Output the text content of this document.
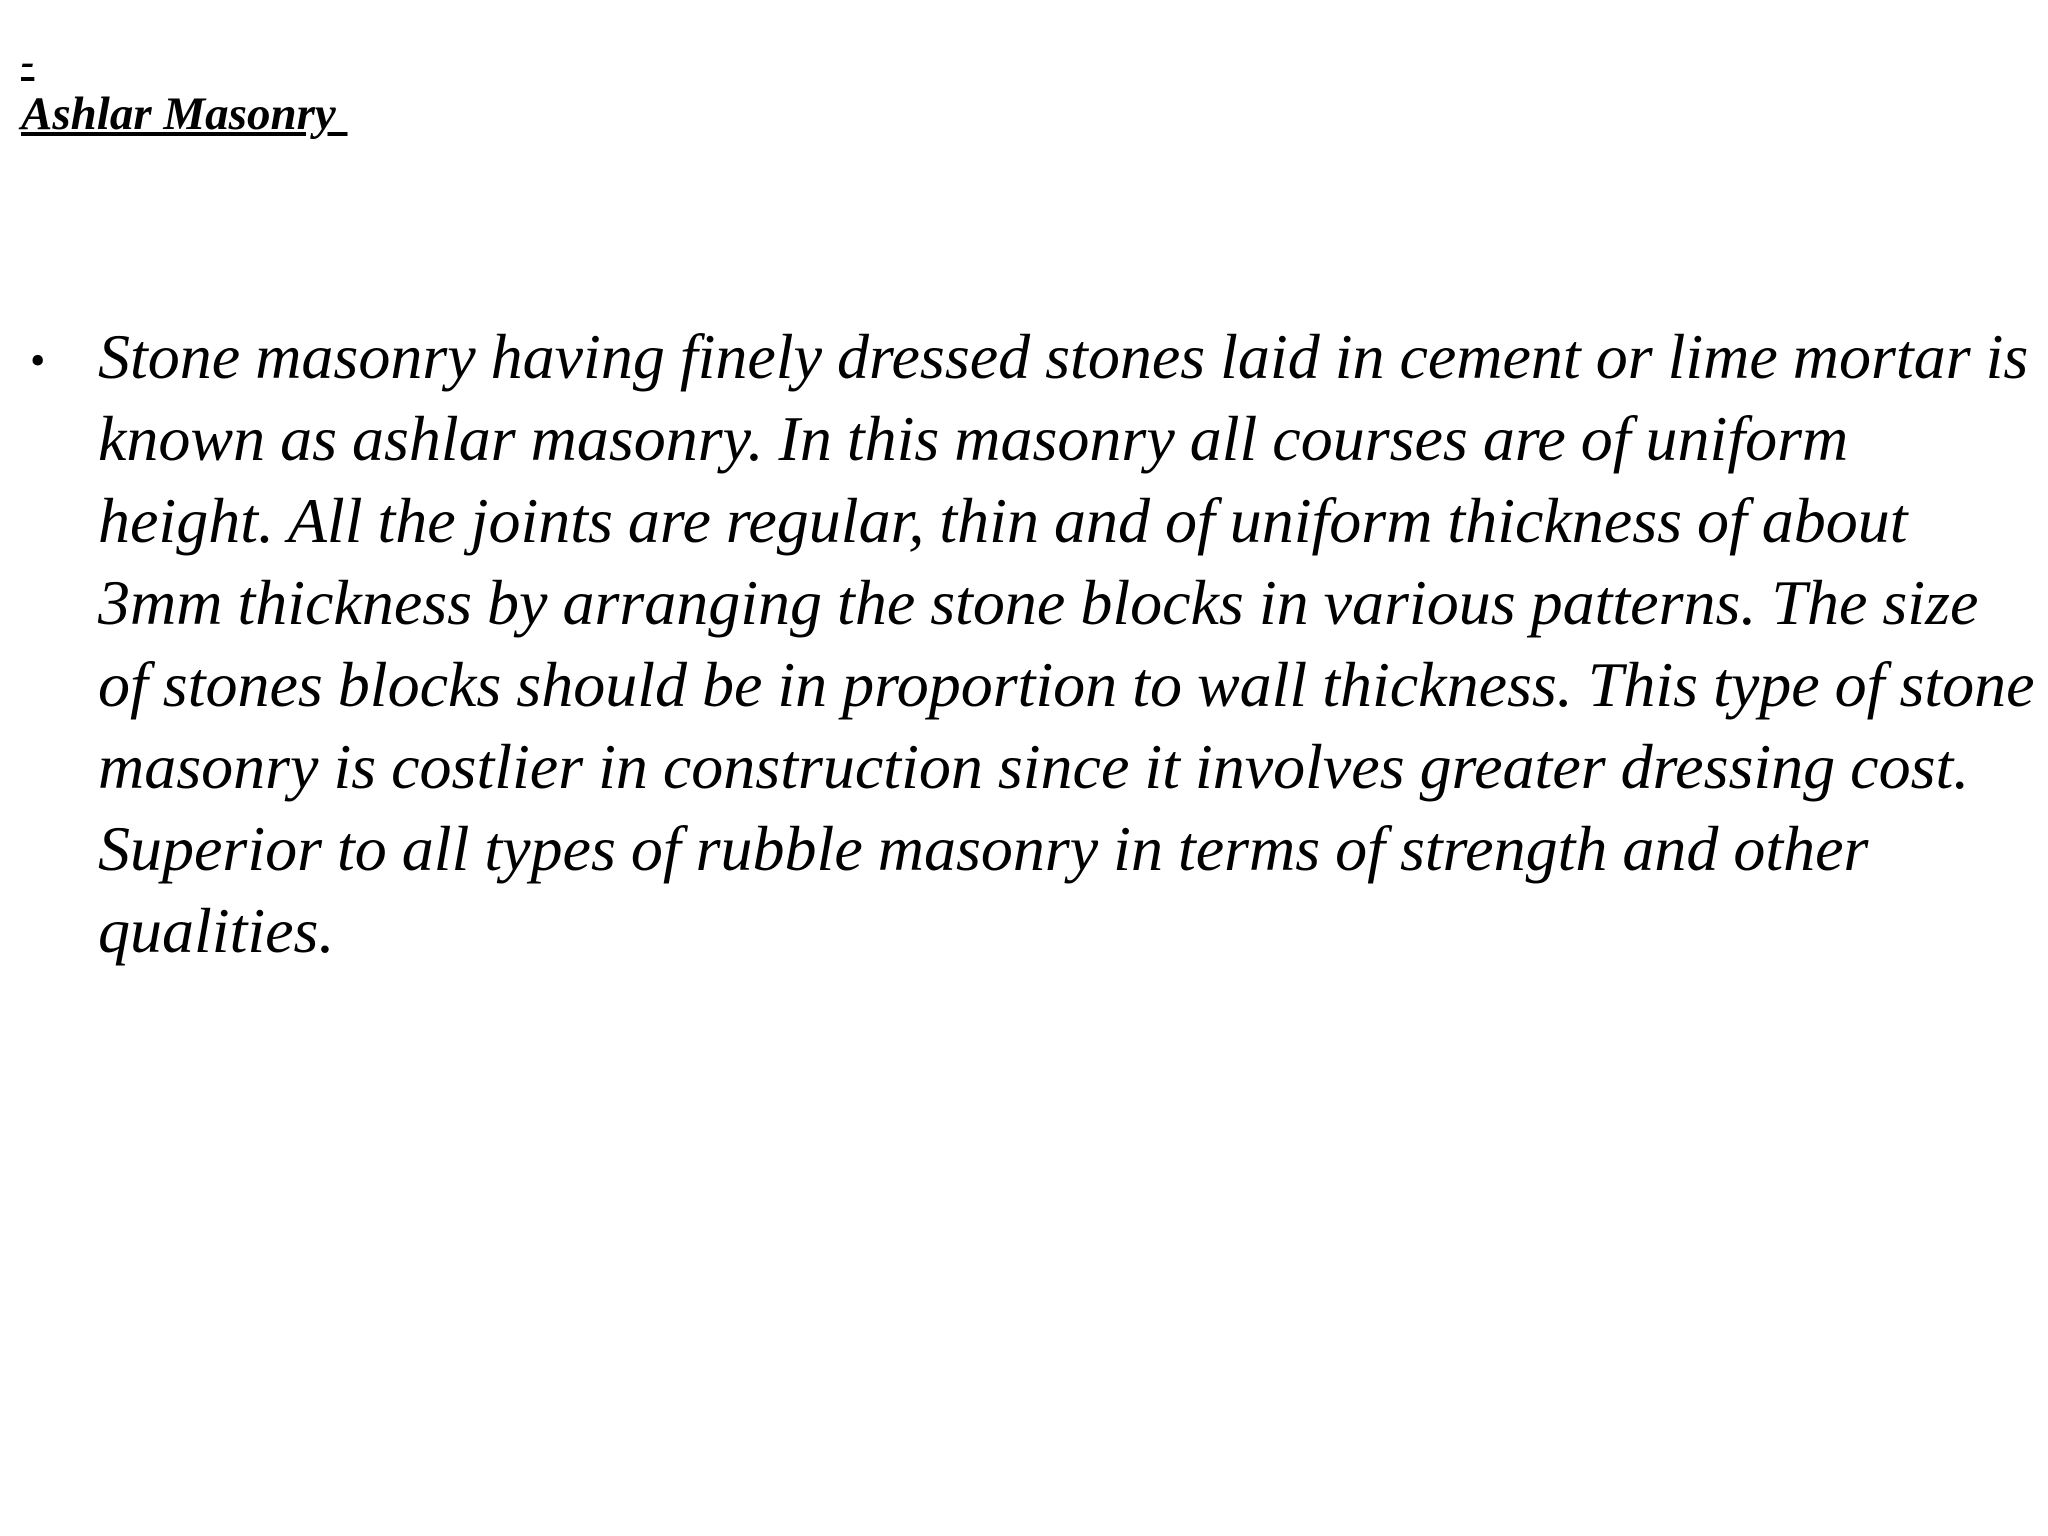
-
Ashlar Masonry
• Stone masonry having finely dressed stones laid in cement or lime mortar is known as ashlar masonry. In this masonry all courses are of uniform height. All the joints are regular, thin and of uniform thickness of about 3mm thickness by arranging the stone blocks in various patterns. The size of stones blocks should be in proportion to wall thickness. This type of stone masonry is costlier in construction since it involves greater dressing cost. Superior to all types of rubble masonry in terms of strength and other qualities.
